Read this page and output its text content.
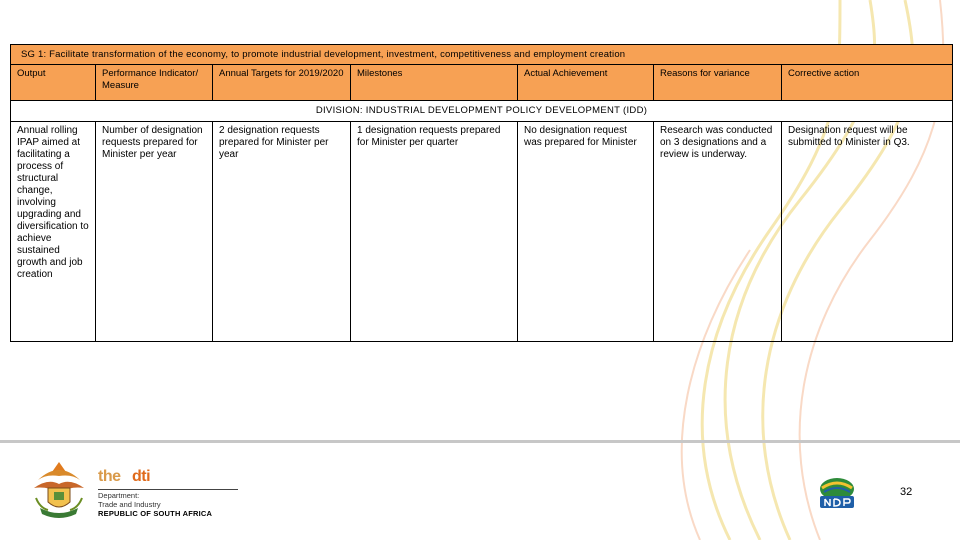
SG 1: Facilitate transformation of the economy, to promote industrial development, investment, competitiveness and employment creation						
Output	Performance Indicator/ Measure	Annual Targets for 2019/2020	Milestones	Actual Achievement	Reasons for variance	Corrective action
DIVISION: INDUSTRIAL DEVELOPMENT POLICY DEVELOPMENT (IDD)						
Annual rolling IPAP aimed at facilitating a process of structural change, involving upgrading and diversification to achieve sustained growth and job creation	Number of designation requests prepared for Minister per year	2 designation requests prepared for Minister per year	1 designation requests prepared for Minister per quarter	No designation request was prepared for Minister	Research was conducted on 3 designations and a review is underway.	Designation request will be submitted to Minister in Q3.
the dti
Department:
Trade and Industry
REPUBLIC OF SOUTH AFRICA
32
